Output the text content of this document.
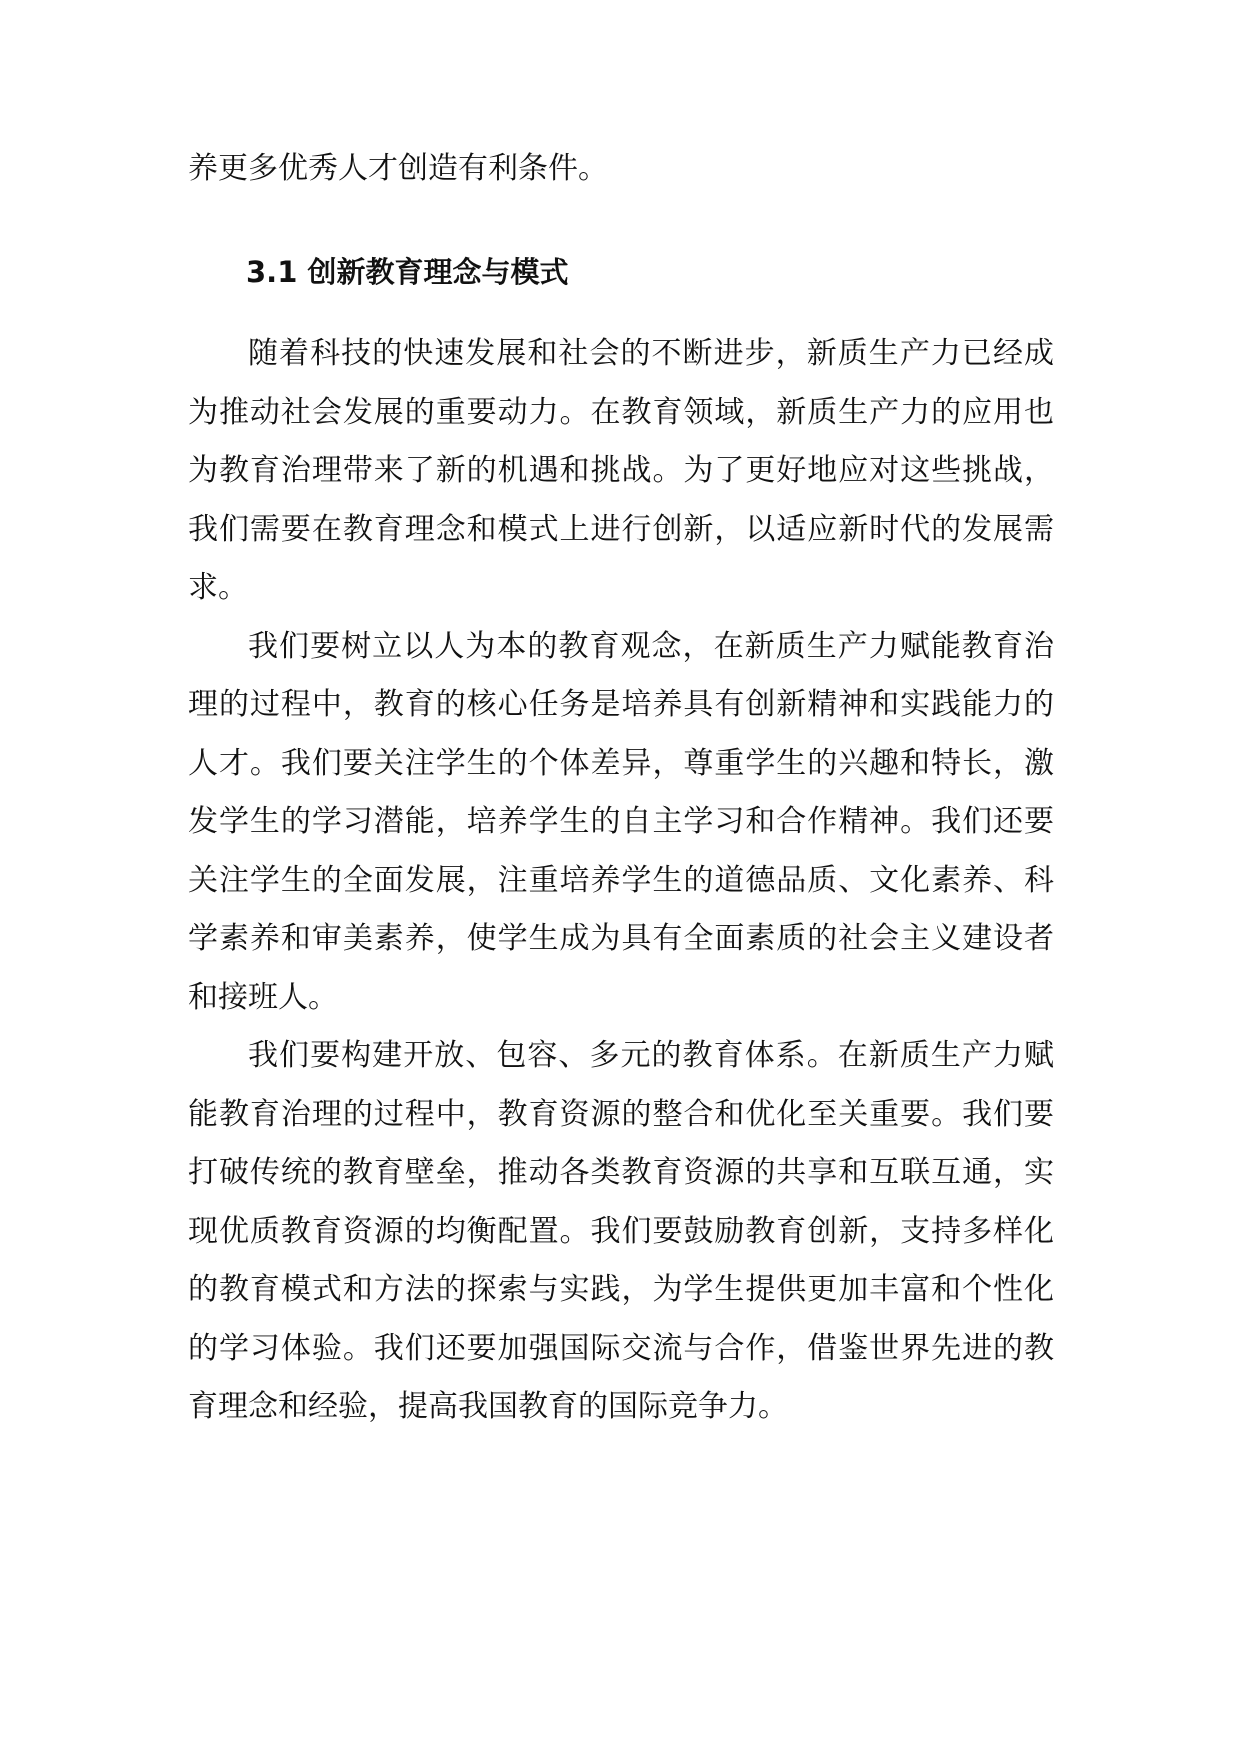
养更多优秀人才创造有利条件。

3.1 创新教育理念与模式

随着科技的快速发展和社会的不断进步，新质生产力已经成为推动社会发展的重要动力。在教育领域，新质生产力的应用也为教育治理带来了新的机遇和挑战。为了更好地应对这些挑战，我们需要在教育理念和模式上进行创新，以适应新时代的发展需求。

我们要树立以人为本的教育观念，在新质生产力赋能教育治理的过程中，教育的核心任务是培养具有创新精神和实践能力的人才。我们要关注学生的个体差异，尊重学生的兴趣和特长，激发学生的学习潜能，培养学生的自主学习和合作精神。我们还要关注学生的全面发展，注重培养学生的道德品质、文化素养、科学素养和审美素养，使学生成为具有全面素质的社会主义建设者和接班人。

我们要构建开放、包容、多元的教育体系。在新质生产力赋能教育治理的过程中，教育资源的整合和优化至关重要。我们要打破传统的教育壁垒，推动各类教育资源的共享和互联互通，实现优质教育资源的均衡配置。我们要鼓励教育创新，支持多样化的教育模式和方法的探索与实践，为学生提供更加丰富和个性化的学习体验。我们还要加强国际交流与合作，借鉴世界先进的教育理念和经验，提高我国教育的国际竞争力。
